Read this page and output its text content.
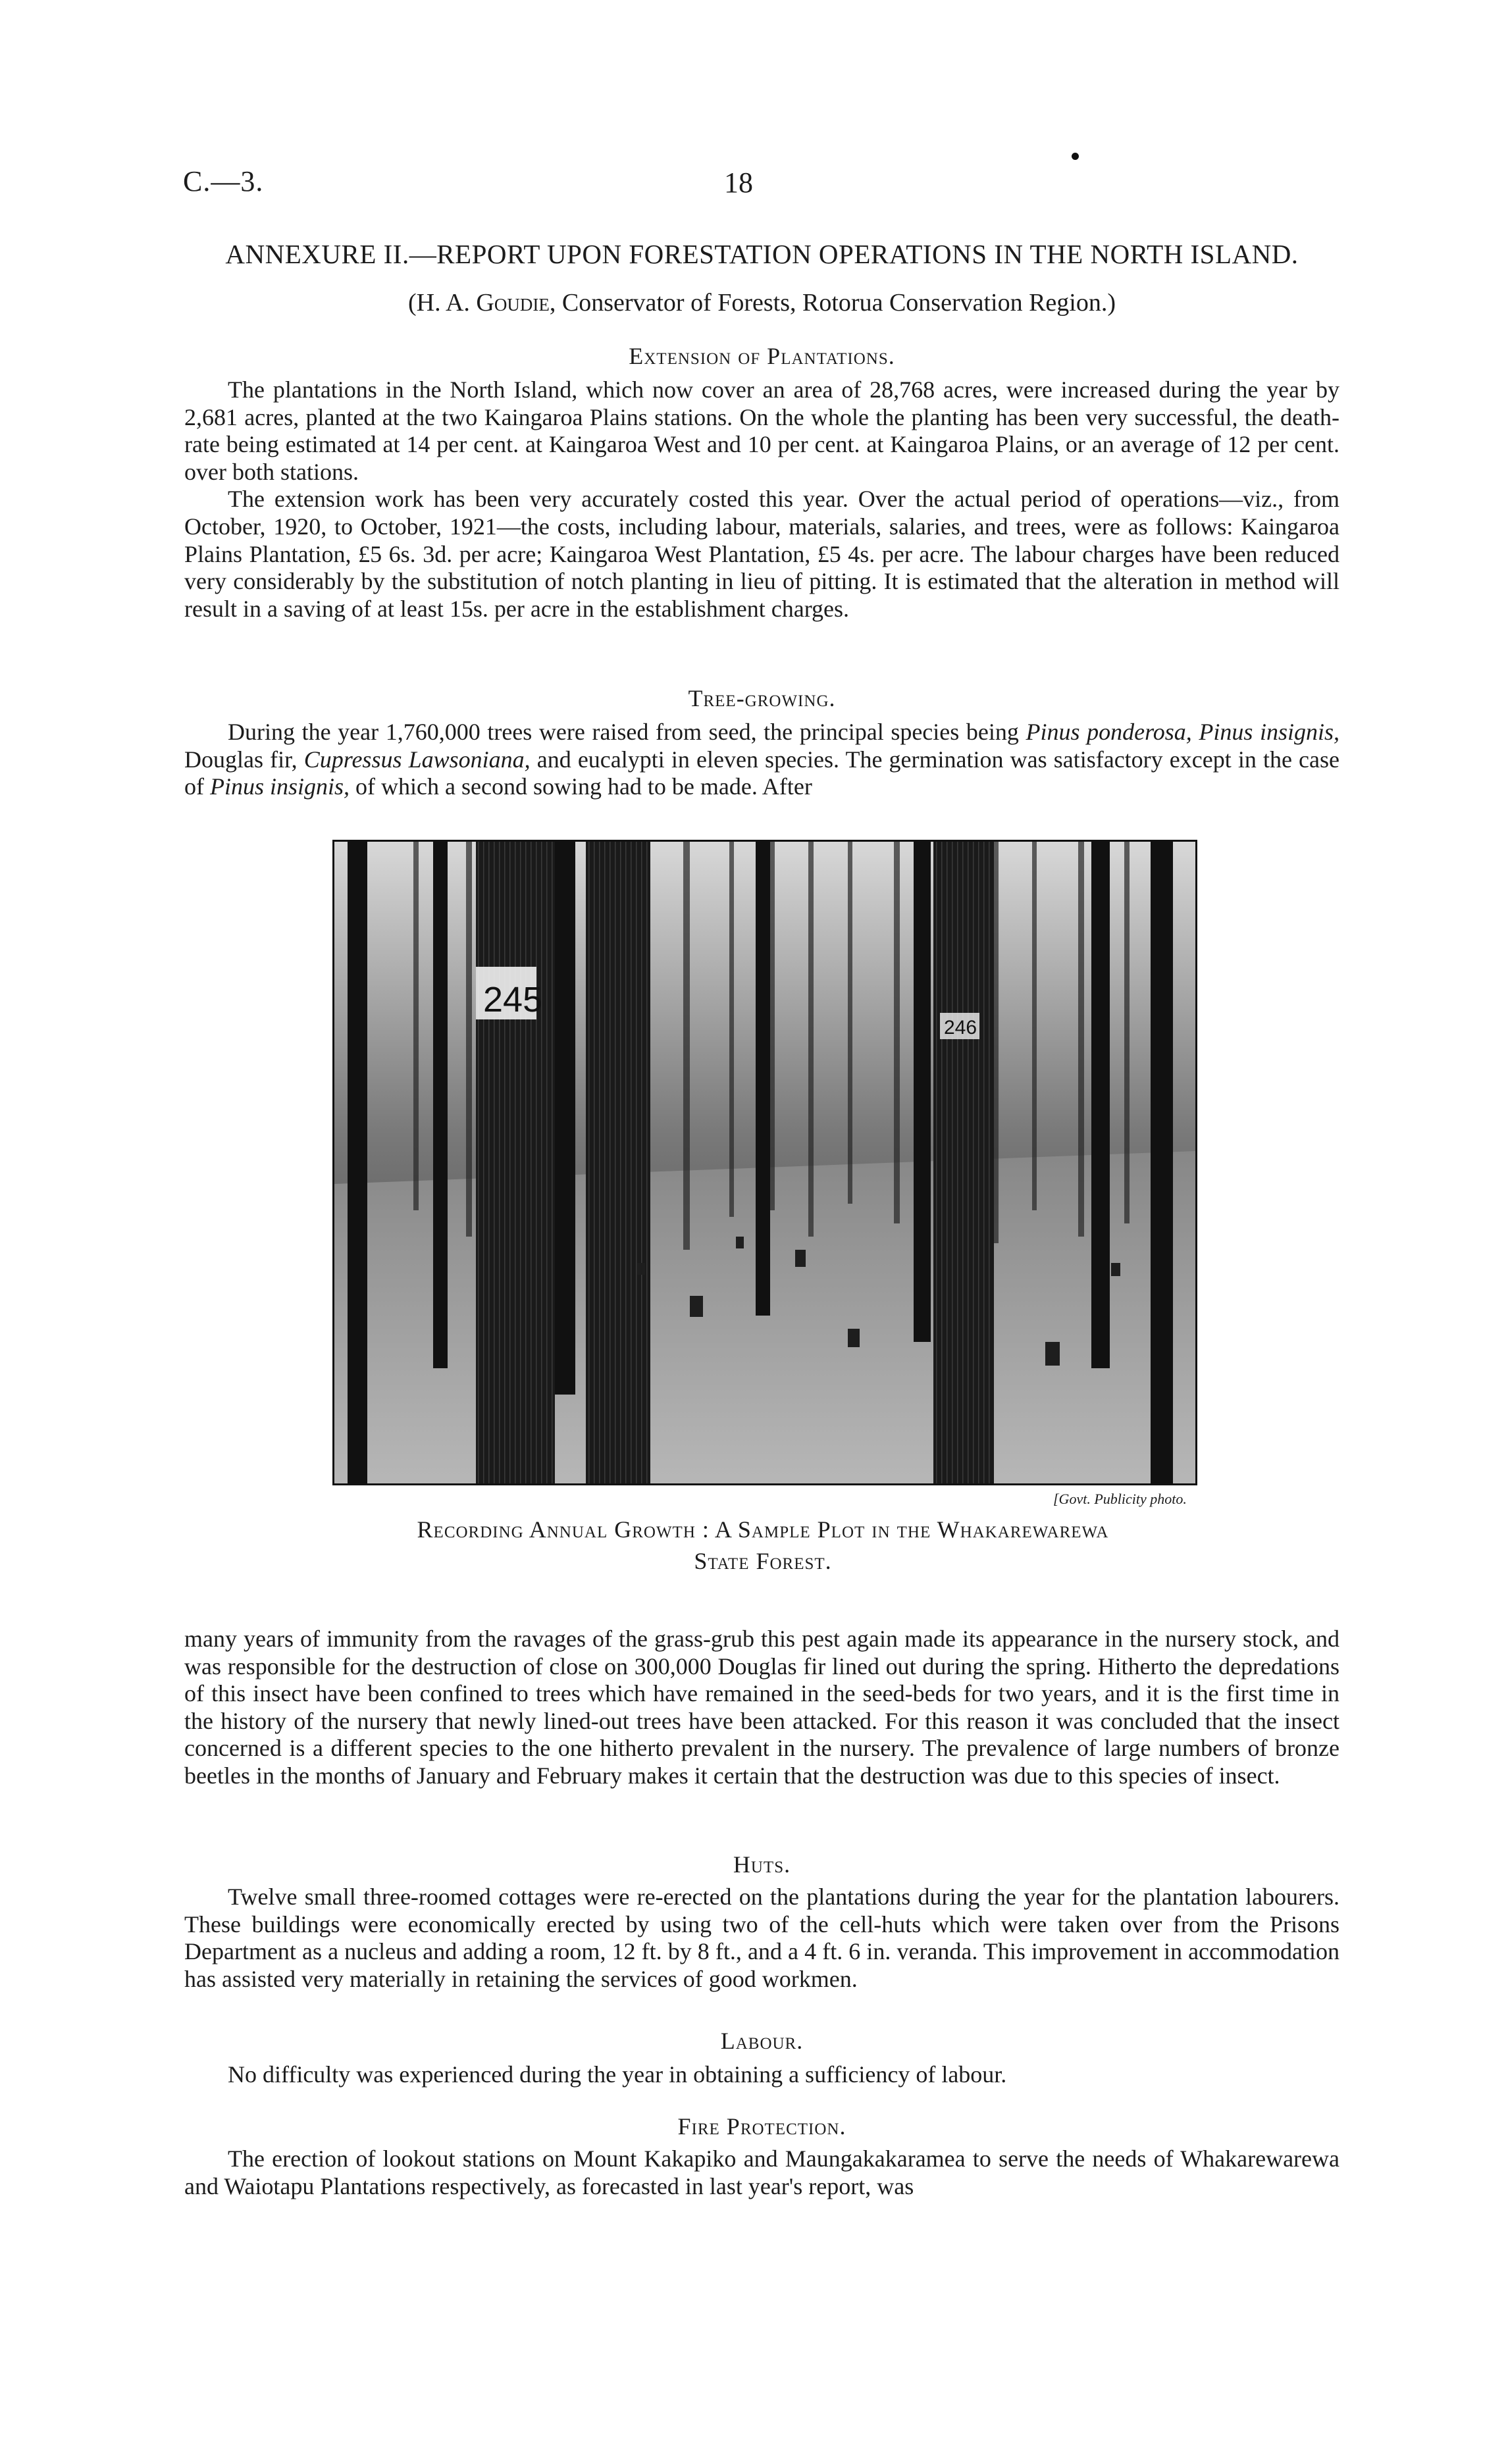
C.—3.	18
ANNEXURE II.—REPORT UPON FORESTATION OPERATIONS IN THE NORTH ISLAND.
(H. A. Goudie, Conservator of Forests, Rotorua Conservation Region.)
Extension of Plantations.

The plantations in the North Island, which now cover an area of 28,768 acres, were increased during the year by 2,681 acres, planted at the two Kaingaroa Plains stations. On the whole the planting has been very successful, the death-rate being estimated at 14 per cent. at Kaingaroa West and 10 per cent. at Kaingaroa Plains, or an average of 12 per cent. over both stations.

The extension work has been very accurately costed this year. Over the actual period of operations—viz., from October, 1920, to October, 1921—the costs, including labour, materials, salaries, and trees, were as follows: Kaingaroa Plains Plantation, £5 6s. 3d. per acre; Kaingaroa West Plantation, £5 4s. per acre. The labour charges have been reduced very considerably by the substitution of notch planting in lieu of pitting. It is estimated that the alteration in method will result in a saving of at least 15s. per acre in the establishment charges.

Tree-growing.

During the year 1,760,000 trees were raised from seed, the principal species being Pinus ponderosa, Pinus insignis, Douglas fir, Cupressus Lawsoniana, and eucalypti in eleven species. The germination was satisfactory except in the case of Pinus insignis, of which a second sowing had to be made. After

245
246
[Govt. Publicity photo.
Recording Annual Growth : A Sample Plot in the Whakarewarewa
State Forest.

many years of immunity from the ravages of the grass-grub this pest again made its appearance in the nursery stock, and was responsible for the destruction of close on 300,000 Douglas fir lined out during the spring. Hitherto the depredations of this insect have been confined to trees which have remained in the seed-beds for two years, and it is the first time in the history of the nursery that newly lined-out trees have been attacked. For this reason it was concluded that the insect concerned is a different species to the one hitherto prevalent in the nursery. The prevalence of large numbers of bronze beetles in the months of January and February makes it certain that the destruction was due to this species of insect.

Huts.

Twelve small three-roomed cottages were re-erected on the plantations during the year for the plantation labourers. These buildings were economically erected by using two of the cell-huts which were taken over from the Prisons Department as a nucleus and adding a room, 12 ft. by 8 ft., and a 4 ft. 6 in. veranda. This improvement in accommodation has assisted very materially in retaining the services of good workmen.

Labour.

No difficulty was experienced during the year in obtaining a sufficiency of labour.

Fire Protection.

The erection of lookout stations on Mount Kakapiko and Maungakakaramea to serve the needs of Whakarewarewa and Waiotapu Plantations respectively, as forecasted in last year's report, was
